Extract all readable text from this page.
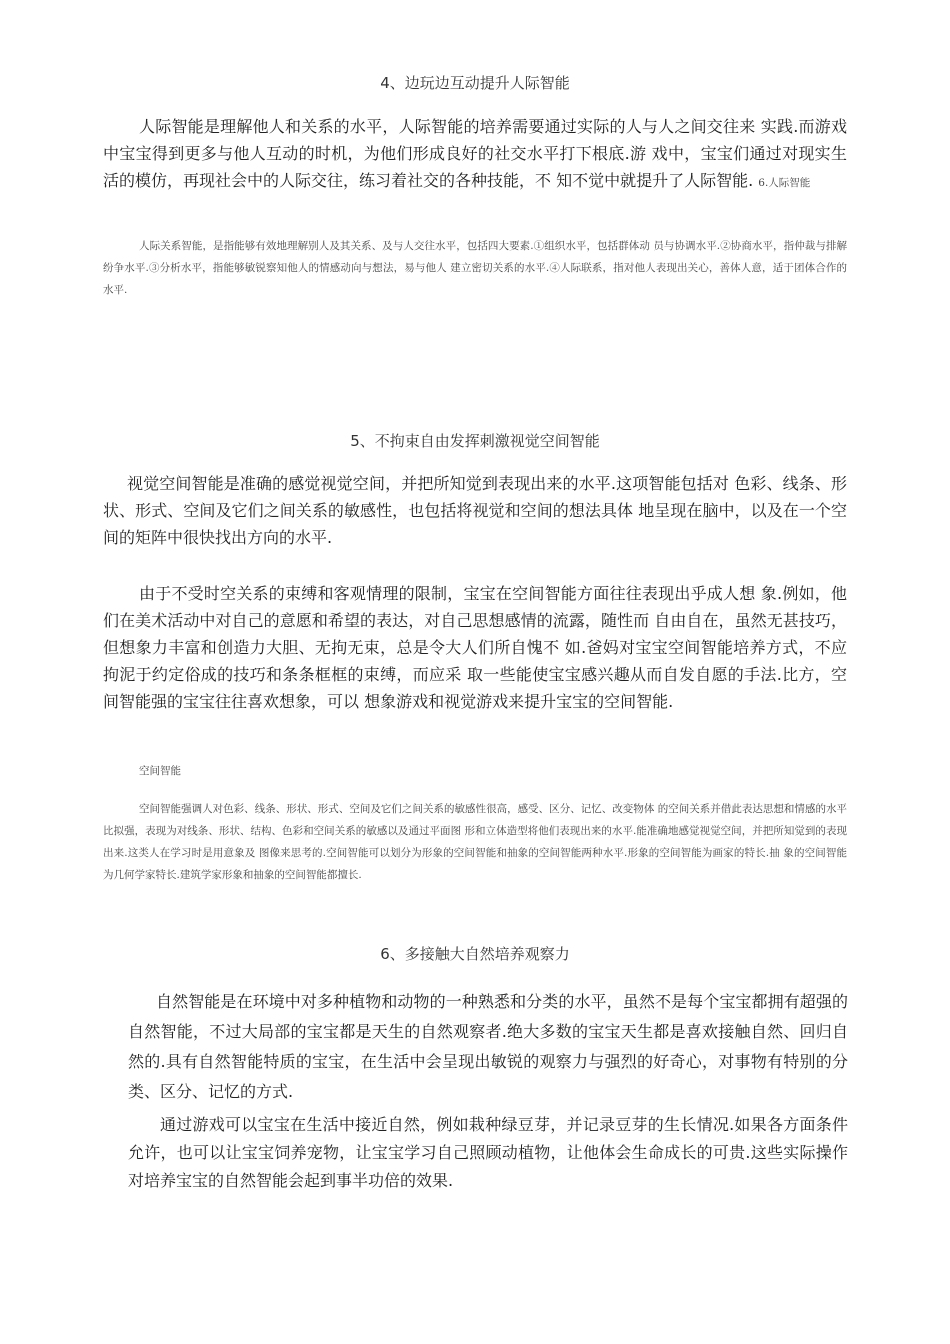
4、边玩边互动提升人际智能

人际智能是理解他人和关系的水平，人际智能的培养需要通过实际的人与人之间交往来 实践.而游戏中宝宝得到更多与他人互动的时机，为他们形成良好的社交水平打下根底.游 戏中，宝宝们通过对现实生活的模仿，再现社会中的人际交往，练习着社交的各种技能，不 知不觉中就提升了人际智能. 6.人际智能

人际关系智能，是指能够有效地理解别人及其关系、及与人交往水平，包括四大要素.①组织水平，包括群体动 员与协调水平.②协商水平，指仲裁与排解纷争水平.③分析水平，指能够敏锐察知他人的情感动向与想法，易与他人 建立密切关系的水平.④人际联系，指对他人表现出关心，善体人意，适于团体合作的水平.

5、不拘束自由发挥刺激视觉空间智能

视觉空间智能是准确的感觉视觉空间，并把所知觉到表现出来的水平.这项智能包括对 色彩、线条、形状、形式、空间及它们之间关系的敏感性，也包括将视觉和空间的想法具体 地呈现在脑中，以及在一个空间的矩阵中很快找出方向的水平.

由于不受时空关系的束缚和客观情理的限制，宝宝在空间智能方面往往表现出乎成人想 象.例如，他们在美术活动中对自己的意愿和希望的表达，对自己思想感情的流露，随性而 自由自在，虽然无甚技巧，但想象力丰富和创造力大胆、无拘无束，总是令大人们所自愧不 如.爸妈对宝宝空间智能培养方式，不应拘泥于约定俗成的技巧和条条框框的束缚，而应采 取一些能使宝宝感兴趣从而自发自愿的手法.比方，空间智能强的宝宝往往喜欢想象，可以 想象游戏和视觉游戏来提升宝宝的空间智能.

空间智能

空间智能强调人对色彩、线条、形状、形式、空间及它们之间关系的敏感性很高，感受、区分、记忆、改变物体 的空间关系并借此表达思想和情感的水平比拟强，表现为对线条、形状、结构、色彩和空间关系的敏感以及通过平面图 形和立体造型将他们表现出来的水平.能准确地感觉视觉空间，并把所知觉到的表现出来.这类人在学习时是用意象及 图像来思考的.空间智能可以划分为形象的空间智能和抽象的空间智能两种水平.形象的空间智能为画家的特长.抽 象的空间智能为几何学家特长.建筑学家形象和抽象的空间智能都擅长.

6、多接触大自然培养观察力

自然智能是在环境中对多种植物和动物的一种熟悉和分类的水平，虽然不是每个宝宝都拥有超强的自然智能，不过大局部的宝宝都是天生的自然观察者.绝大多数的宝宝天生都是喜欢接触自然、回归自然的.具有自然智能特质的宝宝，在生活中会呈现出敏锐的观察力与强烈的好奇心，对事物有特别的分类、区分、记忆的方式.

通过游戏可以宝宝在生活中接近自然，例如栽种绿豆芽，并记录豆芽的生长情况.如果各方面条件允许，也可以让宝宝饲养宠物，让宝宝学习自己照顾动植物，让他体会生命成长的可贵.这些实际操作对培养宝宝的自然智能会起到事半功倍的效果.
